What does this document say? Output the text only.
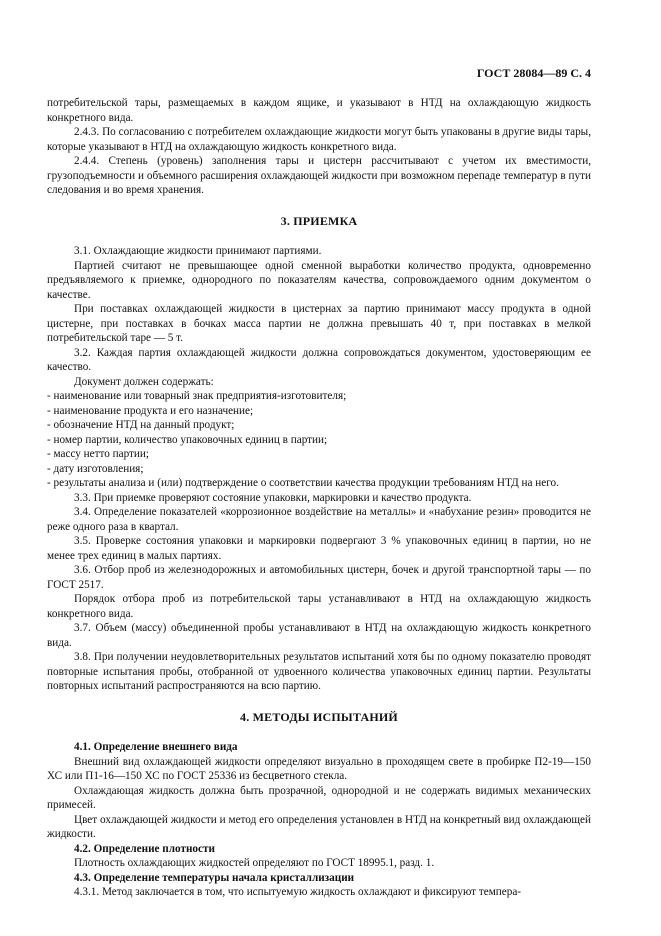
ГОСТ 28084—89 С. 4

потребительской тары, размещаемых в каждом ящике, и указывают в НТД на охлаждающую жидкость конкретного вида.

2.4.3. По согласованию с потребителем охлаждающие жидкости могут быть упакованы в другие виды тары, которые указывают в НТД на охлаждающую жидкость конкретного вида.

2.4.4. Степень (уровень) заполнения тары и цистерн рассчитывают с учетом их вместимости, грузоподъемности и объемного расширения охлаждающей жидкости при возможном перепаде температур в пути следования и во время хранения.

3. ПРИЕМКА

3.1. Охлаждающие жидкости принимают партиями.

Партией считают не превышающее одной сменной выработки количество продукта, одновременно предъявляемого к приемке, однородного по показателям качества, сопровождаемого одним документом о качестве.

При поставках охлаждающей жидкости в цистернах за партию принимают массу продукта в одной цистерне, при поставках в бочках масса партии не должна превышать 40 т, при поставках в мелкой потребительской таре — 5 т.

3.2. Каждая партия охлаждающей жидкости должна сопровождаться документом, удостоверяющим ее качество.

Документ должен содержать:

- наименование или товарный знак предприятия-изготовителя;

- наименование продукта и его назначение;

- обозначение НТД на данный продукт;

- номер партии, количество упаковочных единиц в партии;

- массу нетто партии;

- дату изготовления;

- результаты анализа и (или) подтверждение о соответствии качества продукции требованиям НТД на него.

3.3. При приемке проверяют состояние упаковки, маркировки и качество продукта.

3.4. Определение показателей «коррозионное воздействие на металлы» и «набухание резин» проводится не реже одного раза в квартал.

3.5. Проверке состояния упаковки и маркировки подвергают 3 % упаковочных единиц в партии, но не менее трех единиц в малых партиях.

3.6. Отбор проб из железнодорожных и автомобильных цистерн, бочек и другой транспортной тары — по ГОСТ 2517.

Порядок отбора проб из потребительской тары устанавливают в НТД на охлаждающую жидкость конкретного вида.

3.7. Объем (массу) объединенной пробы устанавливают в НТД на охлаждающую жидкость конкретного вида.

3.8. При получении неудовлетворительных результатов испытаний хотя бы по одному показателю проводят повторные испытания пробы, отобранной от удвоенного количества упаковочных единиц партии. Результаты повторных испытаний распространяются на всю партию.

4. МЕТОДЫ ИСПЫТАНИЙ

4.1. Определение внешнего вида

Внешний вид охлаждающей жидкости определяют визуально в проходящем свете в пробирке П2-19—150 ХС или П1-16—150 ХС по ГОСТ 25336 из бесцветного стекла.

Охлаждающая жидкость должна быть прозрачной, однородной и не содержать видимых механических примесей.

Цвет охлаждающей жидкости и метод его определения установлен в НТД на конкретный вид охлаждающей жидкости.

4.2. Определение плотности

Плотность охлаждающих жидкостей определяют по ГОСТ 18995.1, разд. 1.

4.3. Определение температуры начала кристаллизации

4.3.1. Метод заключается в том, что испытуемую жидкость охлаждают и фиксируют темпера-
